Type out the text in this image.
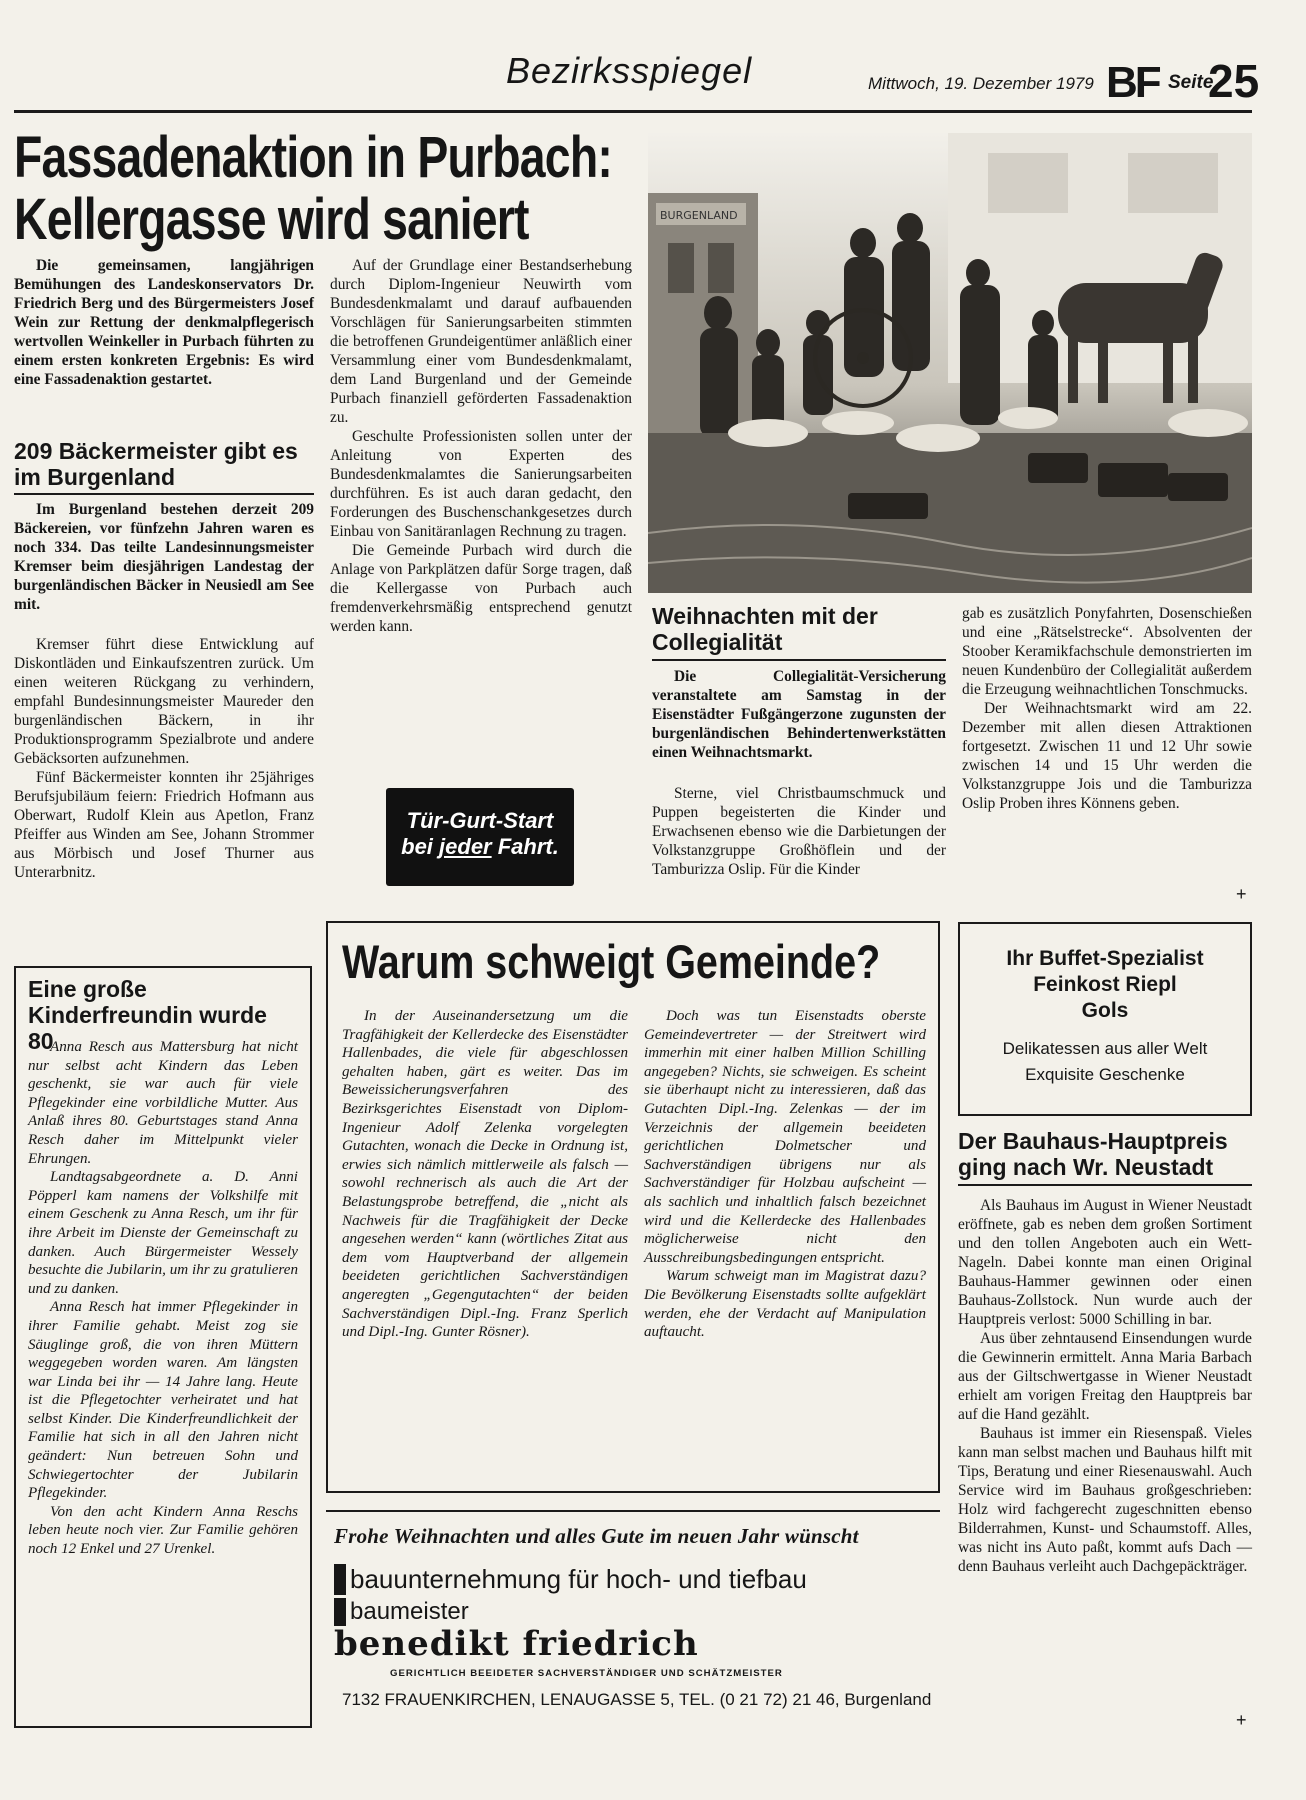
Bezirksspiegel	Mittwoch, 19. Dezember 1979 BF Seite
25
Fassadenaktion in Purbach:
Kellergasse wird saniert

Die gemeinsamen, langjährigen Bemühungen des Landeskonservators Dr. Friedrich Berg und des Bürgermeisters Josef Wein zur Rettung der denkmalpflegerisch wertvollen Weinkeller in Purbach führten zu einem ersten konkreten Ergebnis: Es wird eine Fassadenaktion gestartet.

209 Bäckermeister gibt es im Burgenland

Im Burgenland bestehen derzeit 209 Bäckereien, vor fünfzehn Jahren waren es noch 334. Das teilte Landesinnungsmeister Kremser beim diesjährigen Landestag der burgenländischen Bäcker in Neusiedl am See mit.

Kremser führt diese Entwicklung auf Diskontläden und Einkaufszentren zurück. Um einen weiteren Rückgang zu verhindern, empfahl Bundesinnungsmeister Maureder den burgenländischen Bäckern, in ihr Produktionsprogramm Spezialbrote und andere Gebäcksorten aufzunehmen.

Fünf Bäckermeister konnten ihr 25jähriges Berufsjubiläum feiern: Friedrich Hofmann aus Oberwart, Rudolf Klein aus Apetlon, Franz Pfeiffer aus Winden am See, Johann Strommer aus Mörbisch und Josef Thurner aus Unterarbnitz.

Auf der Grundlage einer Bestandserhebung durch Diplom-Ingenieur Neuwirth vom Bundesdenkmalamt und darauf aufbauenden Vorschlägen für Sanierungsarbeiten stimmten die betroffenen Grundeigentümer anläßlich einer Versammlung einer vom Bundesdenkmalamt, dem Land Burgenland und der Gemeinde Purbach finanziell geförderten Fassadenaktion zu.

Geschulte Professionisten sollen unter der Anleitung von Experten des Bundesdenkmalamtes die Sanierungsarbeiten durchführen. Es ist auch daran gedacht, den Forderungen des Buschenschankgesetzes durch Einbau von Sanitäranlagen Rechnung zu tragen.

Die Gemeinde Purbach wird durch die Anlage von Parkplätzen dafür Sorge tragen, daß die Kellergasse von Purbach auch fremdenverkehrsmäßig entsprechend genutzt werden kann.

Tür-Gurt-Start
bei jeder Fahrt.
BURGENLAND
Weihnachten mit der Collegialität

Die Collegialität-Versicherung veranstaltete am Samstag in der Eisenstädter Fußgängerzone zugunsten der burgenländischen Behindertenwerkstätten einen Weihnachtsmarkt.

Sterne, viel Christbaumschmuck und Puppen begeisterten die Kinder und Erwachsenen ebenso wie die Darbietungen der Volkstanzgruppe Großhöflein und der Tamburizza Oslip. Für die Kinder

gab es zusätzlich Ponyfahrten, Dosenschießen und eine „Rätselstrecke“. Absolventen der Stoober Keramikfachschule demonstrierten im neuen Kundenbüro der Collegialität außerdem die Erzeugung weihnachtlichen Tonschmucks.

Der Weihnachtsmarkt wird am 22. Dezember mit allen diesen Attraktionen fortgesetzt. Zwischen 11 und 12 Uhr sowie zwischen 14 und 15 Uhr werden die Volkstanzgruppe Jois und die Tamburizza Oslip Proben ihres Könnens geben.

+
Eine große Kinderfreundin wurde 80

Anna Resch aus Mattersburg hat nicht nur selbst acht Kindern das Leben geschenkt, sie war auch für viele Pflegekinder eine vorbildliche Mutter. Aus Anlaß ihres 80. Geburtstages stand Anna Resch daher im Mittelpunkt vieler Ehrungen.

Landtagsabgeordnete a. D. Anni Pöpperl kam namens der Volkshilfe mit einem Geschenk zu Anna Resch, um ihr für ihre Arbeit im Dienste der Gemeinschaft zu danken. Auch Bürgermeister Wessely besuchte die Jubilarin, um ihr zu gratulieren und zu danken.

Anna Resch hat immer Pflegekinder in ihrer Familie gehabt. Meist zog sie Säuglinge groß, die von ihren Müttern weggegeben worden waren. Am längsten war Linda bei ihr — 14 Jahre lang. Heute ist die Pflegetochter verheiratet und hat selbst Kinder. Die Kinderfreundlichkeit der Familie hat sich in all den Jahren nicht geändert: Nun betreuen Sohn und Schwiegertochter der Jubilarin Pflegekinder.

Von den acht Kindern Anna Reschs leben heute noch vier. Zur Familie gehören noch 12 Enkel und 27 Urenkel.

Warum schweigt Gemeinde?

In der Auseinandersetzung um die Tragfähigkeit der Kellerdecke des Eisenstädter Hallenbades, die viele für abgeschlossen gehalten haben, gärt es weiter. Das im Beweissicherungsverfahren des Bezirksgerichtes Eisenstadt von Diplom-Ingenieur Adolf Zelenka vorgelegten Gutachten, wonach die Decke in Ordnung ist, erwies sich nämlich mittlerweile als falsch — sowohl rechnerisch als auch die Art der Belastungsprobe betreffend, die „nicht als Nachweis für die Tragfähigkeit der Decke angesehen werden“ kann (wörtliches Zitat aus dem vom Hauptverband der allgemein beeideten gerichtlichen Sachverständigen angeregten „Gegengutachten“ der beiden Sachverständigen Dipl.-Ing. Franz Sperlich und Dipl.-Ing. Gunter Rösner).

Doch was tun Eisenstadts oberste Gemeindevertreter — der Streitwert wird immerhin mit einer halben Million Schilling angegeben? Nichts, sie schweigen. Es scheint sie überhaupt nicht zu interessieren, daß das Gutachten Dipl.-Ing. Zelenkas — der im Verzeichnis der allgemein beeideten gerichtlichen Dolmetscher und Sachverständigen übrigens nur als Sachverständiger für Holzbau aufscheint — als sachlich und inhaltlich falsch bezeichnet wird und die Kellerdecke des Hallenbades möglicherweise nicht den Ausschreibungsbedingungen entspricht.

Warum schweigt man im Magistrat dazu? Die Bevölkerung Eisenstadts sollte aufgeklärt werden, ehe der Verdacht auf Manipulation auftaucht.

Ihr Buffet-Spezialist
Feinkost Riepl
Gols
Delikatessen aus aller Welt
Exquisite Geschenke
Der Bauhaus-Hauptpreis ging nach Wr. Neustadt

Als Bauhaus im August in Wiener Neustadt eröffnete, gab es neben dem großen Sortiment und den tollen Angeboten auch ein Wett-Nageln. Dabei konnte man einen Original Bauhaus-Hammer gewinnen oder einen Bauhaus-Zollstock. Nun wurde auch der Hauptpreis verlost: 5000 Schilling in bar.

Aus über zehntausend Einsendungen wurde die Gewinnerin ermittelt. Anna Maria Barbach aus der Giltschwertgasse in Wiener Neustadt erhielt am vorigen Freitag den Hauptpreis bar auf die Hand gezählt.

Bauhaus ist immer ein Riesenspaß. Vieles kann man selbst machen und Bauhaus hilft mit Tips, Beratung und einer Riesenauswahl. Auch Service wird im Bauhaus großgeschrieben: Holz wird fachgerecht zugeschnitten ebenso Bilderrahmen, Kunst- und Schaumstoff. Alles, was nicht ins Auto paßt, kommt aufs Dach — denn Bauhaus verleiht auch Dachgepäckträger.

+
Frohe Weihnachten und alles Gute im neuen Jahr wünscht
bauunternehmung für hoch- und tiefbau
baumeister
benedikt friedrich
GERICHTLICH BEEIDETER SACHVERSTÄNDIGER UND SCHÄTZMEISTER
7132 FRAUENKIRCHEN, LENAUGASSE 5, TEL. (0 21 72) 21 46, Burgenland
